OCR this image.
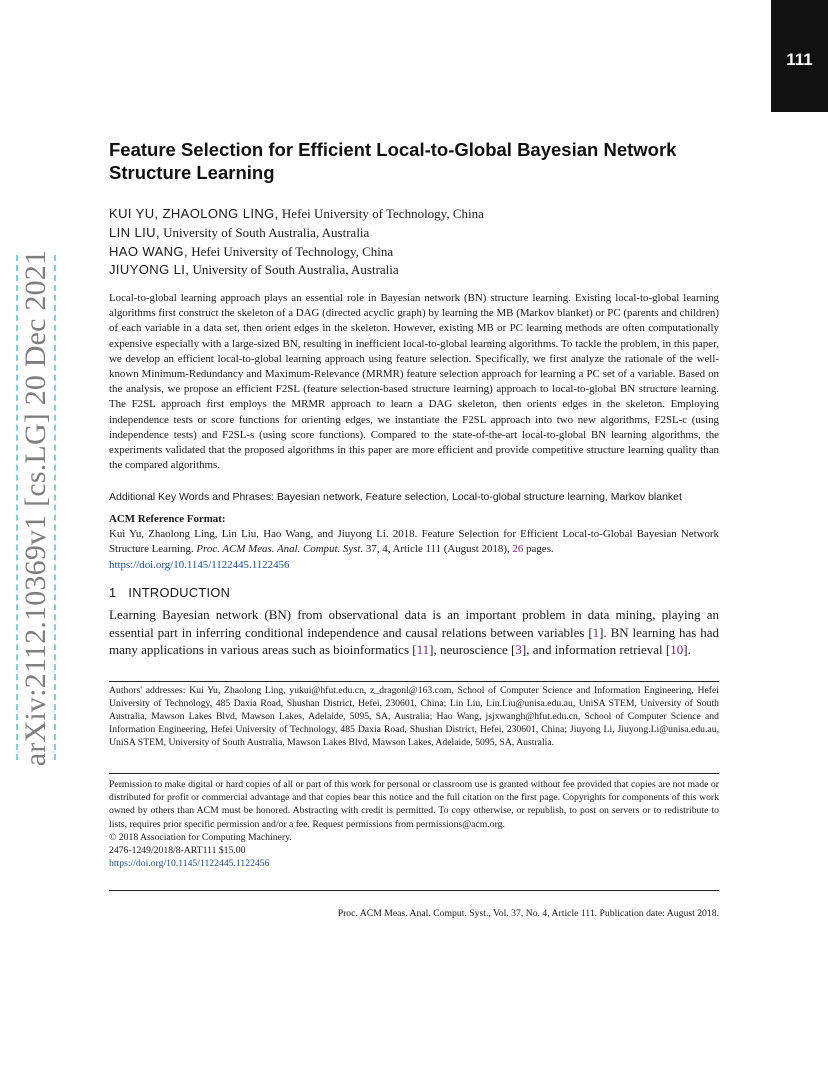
111
arXiv:2112.10369v1 [cs.LG] 20 Dec 2021
Feature Selection for Efficient Local-to-Global Bayesian Network Structure Learning
KUI YU, ZHAOLONG LING, Hefei University of Technology, China
LIN LIU, University of South Australia, Australia
HAO WANG, Hefei University of Technology, China
JIUYONG LI, University of South Australia, Australia
Local-to-global learning approach plays an essential role in Bayesian network (BN) structure learning. Existing local-to-global learning algorithms first construct the skeleton of a DAG (directed acyclic graph) by learning the MB (Markov blanket) or PC (parents and children) of each variable in a data set, then orient edges in the skeleton. However, existing MB or PC learning methods are often computationally expensive especially with a large-sized BN, resulting in inefficient local-to-global learning algorithms. To tackle the problem, in this paper, we develop an efficient local-to-global learning approach using feature selection. Specifically, we first analyze the rationale of the well-known Minimum-Redundancy and Maximum-Relevance (MRMR) feature selection approach for learning a PC set of a variable. Based on the analysis, we propose an efficient F2SL (feature selection-based structure learning) approach to local-to-global BN structure learning. The F2SL approach first employs the MRMR approach to learn a DAG skeleton, then orients edges in the skeleton. Employing independence tests or score functions for orienting edges, we instantiate the F2SL approach into two new algorithms, F2SL-c (using independence tests) and F2SL-s (using score functions). Compared to the state-of-the-art local-to-global BN learning algorithms, the experiments validated that the proposed algorithms in this paper are more efficient and provide competitive structure learning quality than the compared algorithms.
Additional Key Words and Phrases: Bayesian network, Feature selection, Local-to-global structure learning, Markov blanket
ACM Reference Format:
Kui Yu, Zhaolong Ling, Lin Liu, Hao Wang, and Jiuyong Li. 2018. Feature Selection for Efficient Local-to-Global Bayesian Network Structure Learning. Proc. ACM Meas. Anal. Comput. Syst. 37, 4, Article 111 (August 2018), 26 pages.
https://doi.org/10.1145/1122445.1122456
1 INTRODUCTION
Learning Bayesian network (BN) from observational data is an important problem in data mining, playing an essential part in inferring conditional independence and causal relations between variables [1]. BN learning has had many applications in various areas such as bioinformatics [11], neuroscience [3], and information retrieval [10].
Authors' addresses: Kui Yu, Zhaolong Ling, yukui@hfut.edu.cn, z_dragonl@163.com, School of Computer Science and Information Engineering, Hefei University of Technology, 485 Daxia Road, Shushan District, Hefei, 230601, China; Lin Liu, Lin.Liu@unisa.edu.au, UniSA STEM, University of South Australia, Mawson Lakes Blvd, Mawson Lakes, Adelaide, 5095, SA, Australia; Hao Wang, jsjxwangh@hfut.edu.cn, School of Computer Science and Information Engineering, Hefei University of Technology, 485 Daxia Road, Shushan District, Hefei, 230601, China; Jiuyong Li, Jiuyong.Li@unisa.edu.au, UniSA STEM, University of South Australia, Mawson Lakes Blvd, Mawson Lakes, Adelaide, 5095, SA, Australia.
Permission to make digital or hard copies of all or part of this work for personal or classroom use is granted without fee provided that copies are not made or distributed for profit or commercial advantage and that copies bear this notice and the full citation on the first page. Copyrights for components of this work owned by others than ACM must be honored. Abstracting with credit is permitted. To copy otherwise, or republish, to post on servers or to redistribute to lists, requires prior specific permission and/or a fee. Request permissions from permissions@acm.org.
© 2018 Association for Computing Machinery.
2476-1249/2018/8-ART111 $15.00
https://doi.org/10.1145/1122445.1122456
Proc. ACM Meas. Anal. Comput. Syst., Vol. 37, No. 4, Article 111. Publication date: August 2018.
